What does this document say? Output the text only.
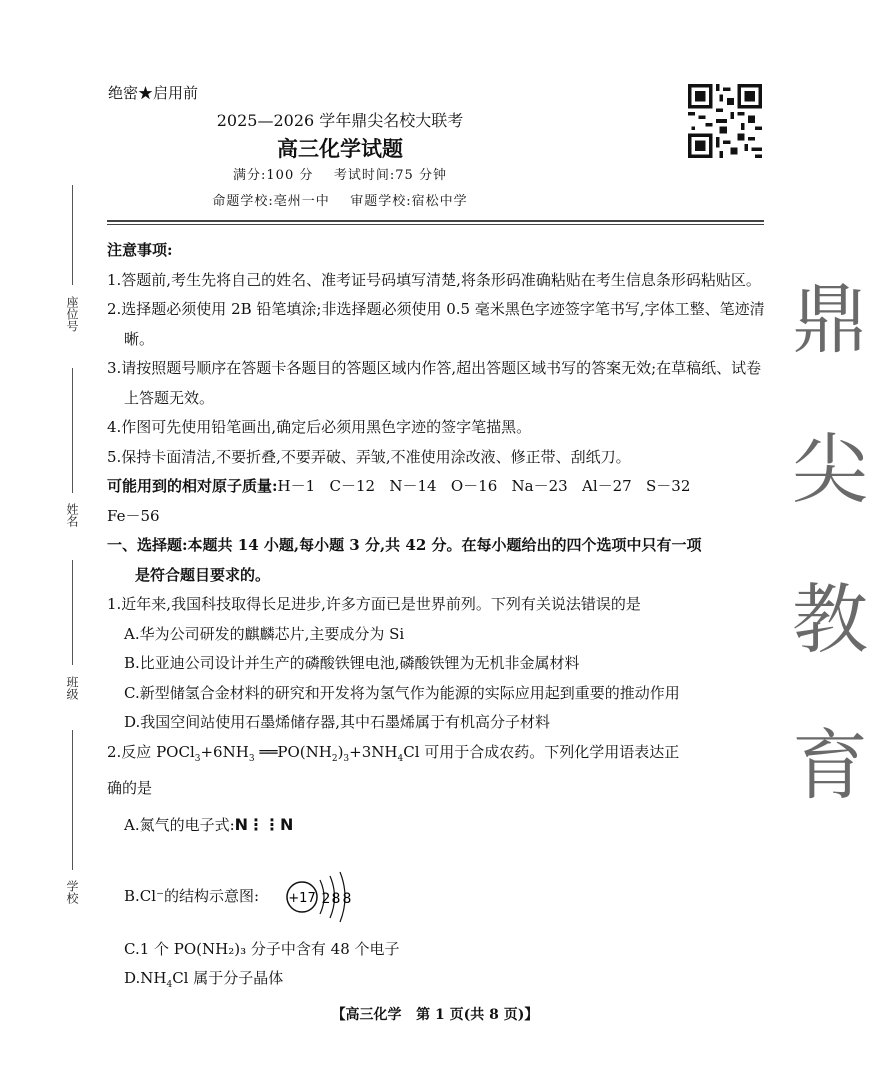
绝密★启用前
2025—2026 学年鼎尖名校大联考
高三化学试题
满分:100 分    考试时间:75 分钟
命题学校:亳州一中    审题学校:宿松中学
座位号
姓名
班级
学校
鼎
尖
教
育

注意事项:

1.答题前,考生先将自己的姓名、准考证号码填写清楚,将条形码准确粘贴在考生信息条形码粘贴区。

2.选择题必须使用 2B 铅笔填涂;非选择题必须使用 0.5 毫米黑色字迹签字笔书写,字体工整、笔迹清晰。

3.请按照题号顺序在答题卡各题目的答题区域内作答,超出答题区域书写的答案无效;在草稿纸、试卷上答题无效。

4.作图可先使用铅笔画出,确定后必须用黑色字迹的签字笔描黑。

5.保持卡面清洁,不要折叠,不要弄破、弄皱,不准使用涂改液、修正带、刮纸刀。

可能用到的相对原子质量:H－1   C－12   N－14   O－16   Na－23   Al－27   S－32

Fe－56

一、选择题:本题共 14 小题,每小题 3 分,共 42 分。在每小题给出的四个选项中只有一项

是符合题目要求的。

1.近年来,我国科技取得长足进步,许多方面已是世界前列。下列有关说法错误的是

A.华为公司研发的麒麟芯片,主要成分为 Si

B.比亚迪公司设计并生产的磷酸铁锂电池,磷酸铁锂为无机非金属材料

C.新型储氢合金材料的研究和开发将为氢气作为能源的实际应用起到重要的推动作用

D.我国空间站使用石墨烯储存器,其中石墨烯属于有机高分子材料

2.反应 $POCl_3+6NH_3$ $══PO(NH_2)_3+3NH_4Cl$ 可用于合成农药。下列化学用语表达正

确的是

A.氮气的电子式:N⋮⋮N

B.Cl⁻的结构示意图: +17 2 8 8
C.1 个 PO(NH₂)₃ 分子中含有 48 个电子
$D.NH_4Cl$ 属于分子晶体
【高三化学   第 1 页(共 8 页)】
